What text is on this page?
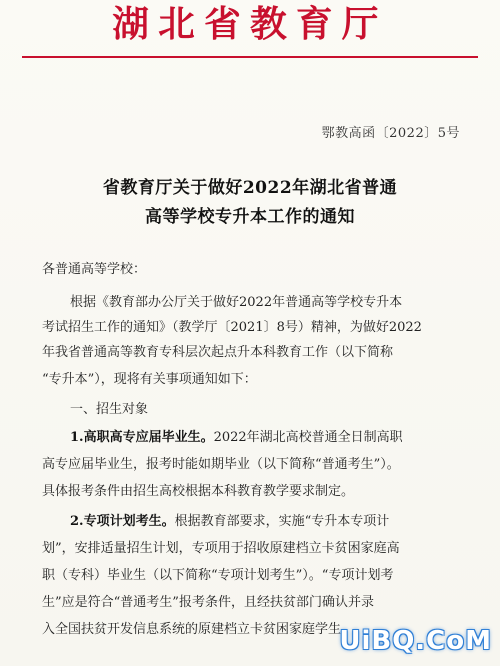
湖北省教育厅
鄂教高函〔2022〕5号
省教育厅关于做好2022年湖北省普通
高等学校专升本工作的通知
各普通高等学校：
根据《教育部办公厅关于做好2022年普通高等学校专升本
考试招生工作的通知》（教学厅〔2021〕8号）精神，为做好2022
年我省普通高等教育专科层次起点升本科教育工作（以下简称
“专升本”），现将有关事项通知如下：
一、招生对象
1.高职高专应届毕业生。2022年湖北高校普通全日制高职
高专应届毕业生，报考时能如期毕业（以下简称“普通考生”）。
具体报考条件由招生高校根据本科教育教学要求制定。
2.专项计划考生。根据教育部要求，实施“专升本专项计
划”，安排适量招生计划，专项用于招收原建档立卡贫困家庭高
职（专科）毕业生（以下简称“专项计划考生”）。“专项计划考
生”应是符合“普通考生”报考条件，且经扶贫部门确认并录
入全国扶贫开发信息系统的原建档立卡贫困家庭学生
UiBQ.CoM
